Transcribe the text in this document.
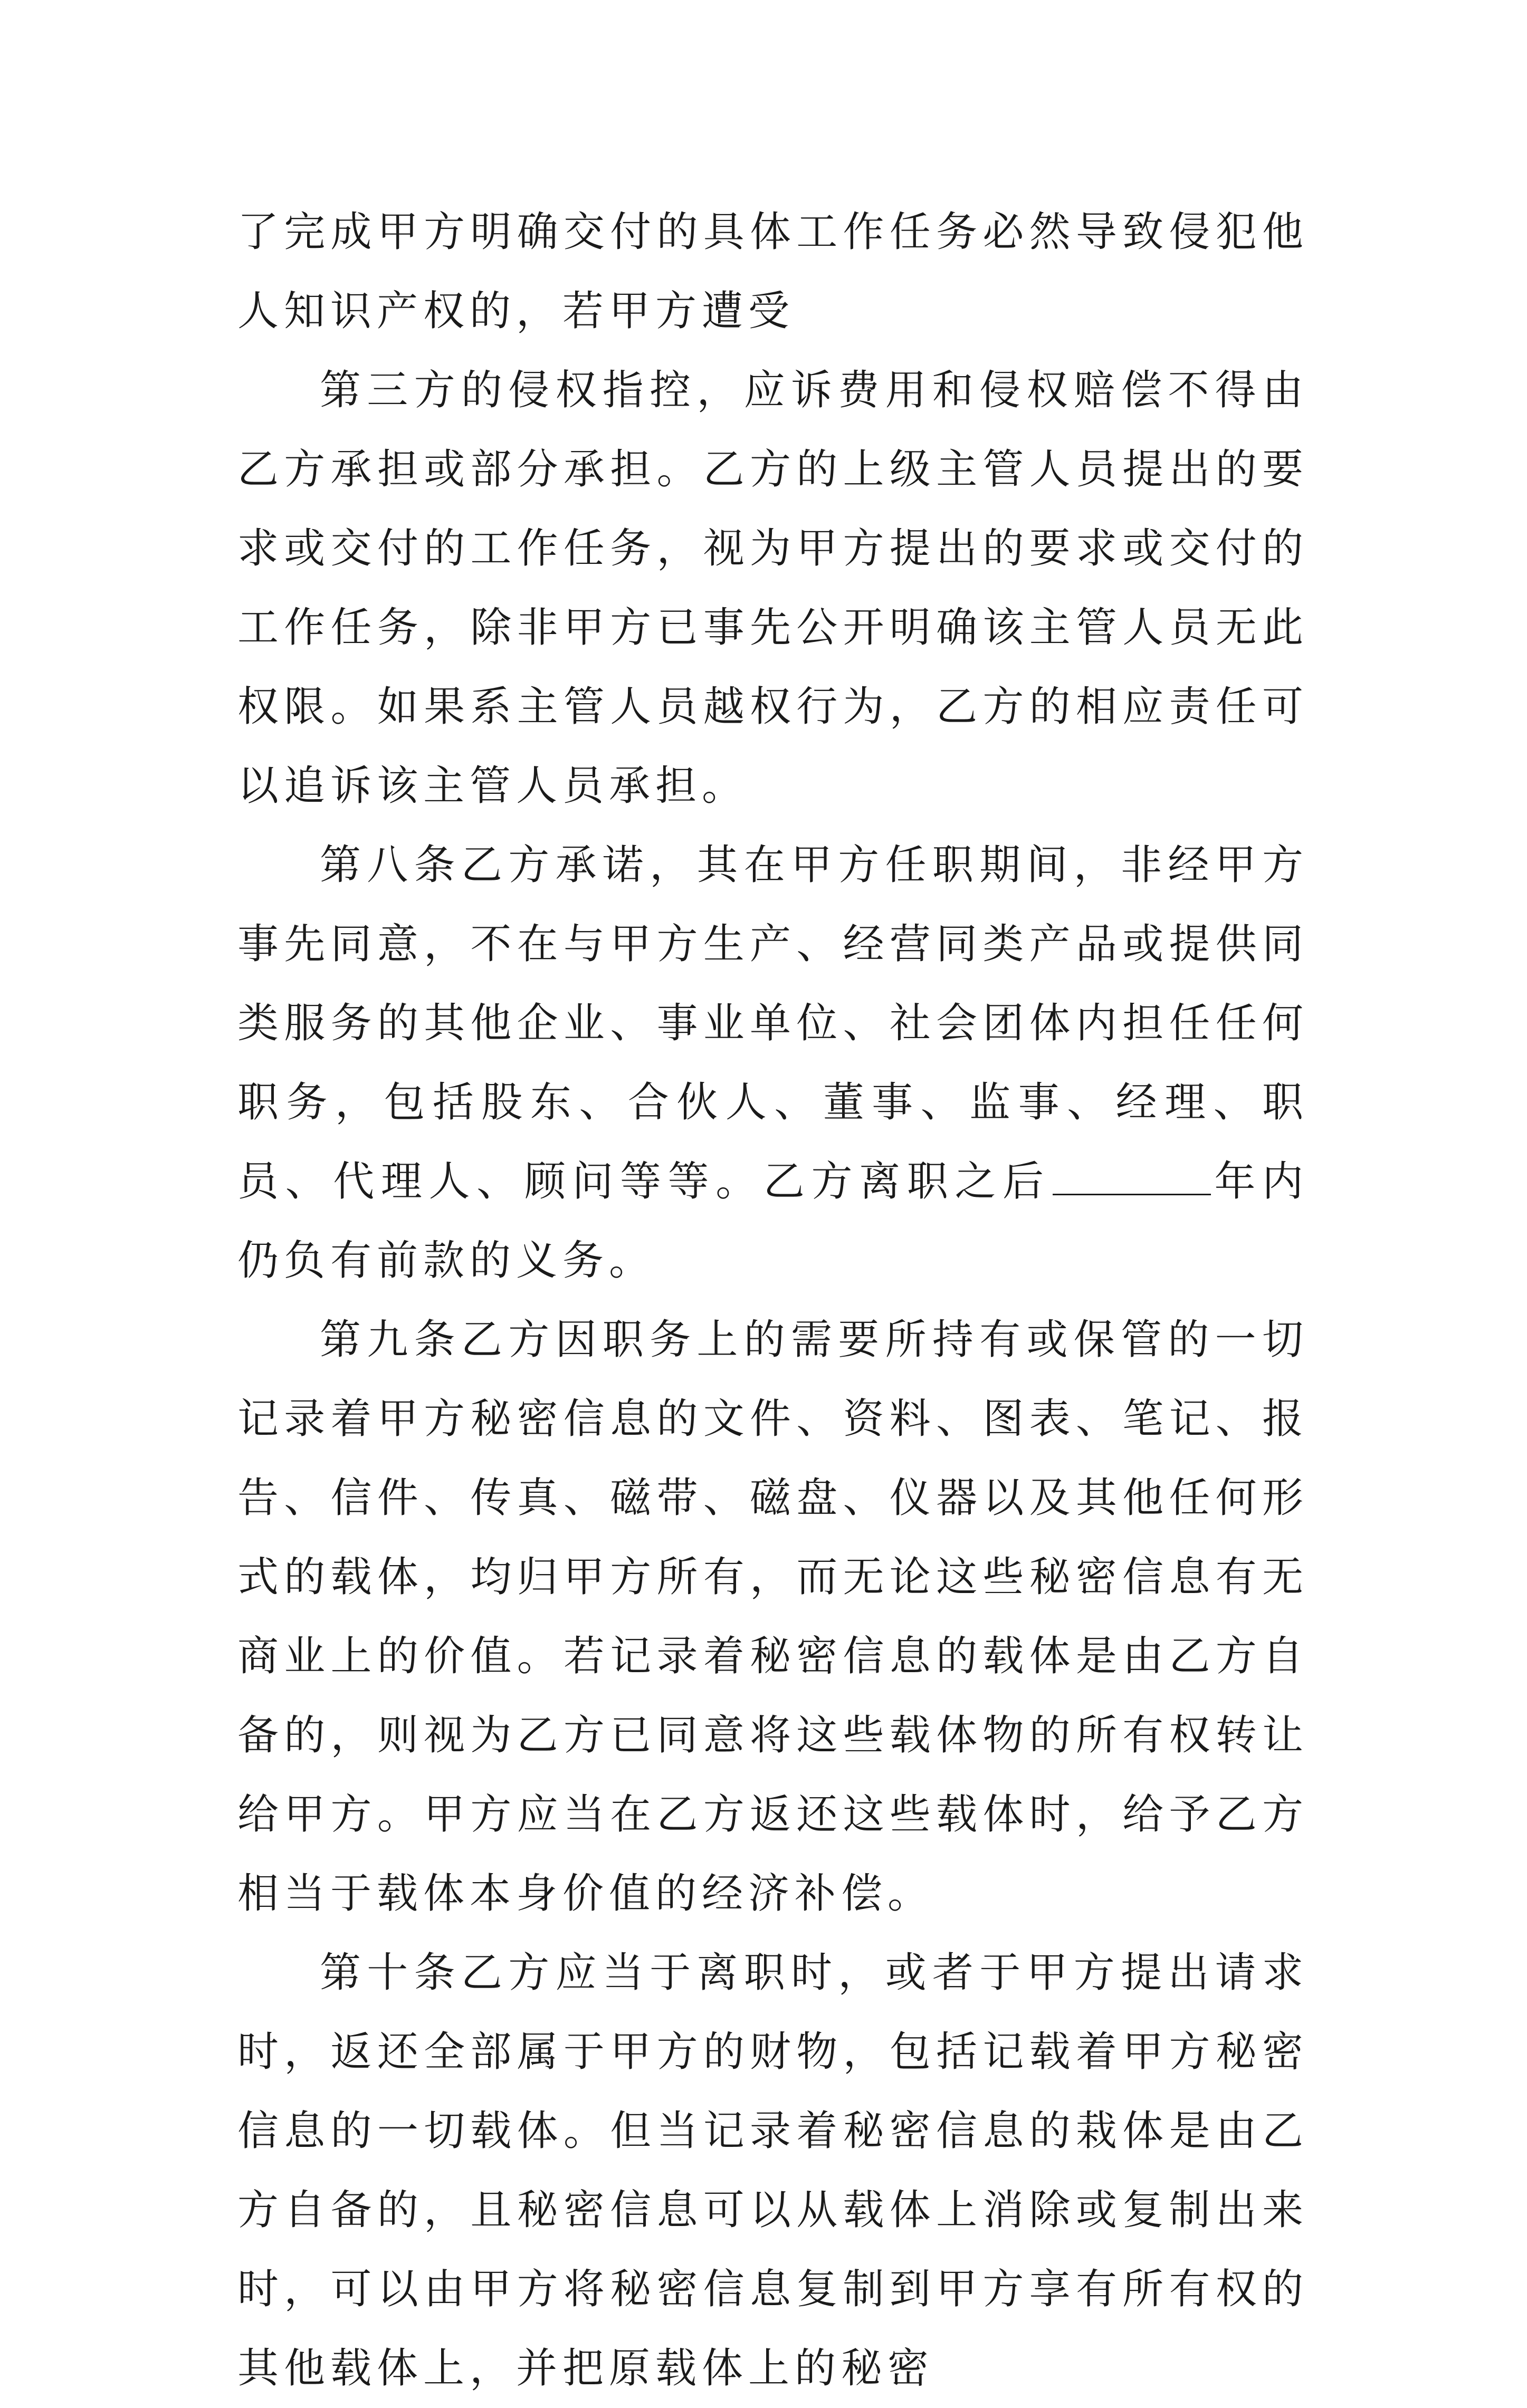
了完成甲方明确交付的具体工作任务必然导致侵犯他人知识产权的，若甲方遭受

第三方的侵权指控，应诉费用和侵权赔偿不得由乙方承担或部分承担。乙方的上级主管人员提出的要求或交付的工作任务，视为甲方提出的要求或交付的工作任务，除非甲方已事先公开明确该主管人员无此权限。如果系主管人员越权行为，乙方的相应责任可以追诉该主管人员承担。

第八条乙方承诺，其在甲方任职期间，非经甲方事先同意，不在与甲方生产、经营同类产品或提供同类服务的其他企业、事业单位、社会团体内担任任何职务，包括股东、合伙人、董事、监事、经理、职员、代理人、顾问等等。乙方离职之后	年内仍负有前款的义务。

第九条乙方因职务上的需要所持有或保管的一切记录着甲方秘密信息的文件、资料、图表、笔记、报告、信件、传真、磁带、磁盘、仪器以及其他任何形式的载体，均归甲方所有，而无论这些秘密信息有无商业上的价值。若记录着秘密信息的载体是由乙方自备的，则视为乙方已同意将这些载体物的所有权转让给甲方。甲方应当在乙方返还这些载体时，给予乙方相当于载体本身价值的经济补偿。

第十条乙方应当于离职时，或者于甲方提出请求时，返还全部属于甲方的财物，包括记载着甲方秘密信息的一切载体。但当记录着秘密信息的栽体是由乙方自备的，且秘密信息可以从载体上消除或复制出来时，可以由甲方将秘密信息复制到甲方享有所有权的其他载体上，并把原载体上的秘密
